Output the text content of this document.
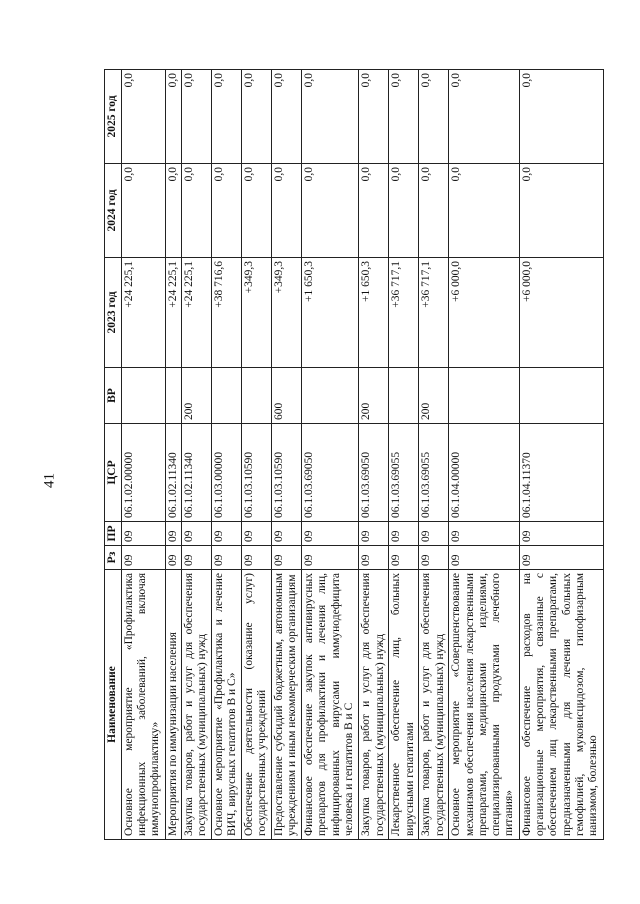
41
Наименование	Рз	ПР	ЦСР	ВР	2023 год	2024 год	2025 год
Основное мероприятие «Профилактика инфекционных заболеваний, включая иммунопрофилактику»	09	09	06.1.02.00000		+24 225,1	0,0	0,0
Мероприятия по иммунизации населения	09	09	06.1.02.11340		+24 225,1	0,0	0,0
Закупка товаров, работ и услуг для обеспечения государственных (муниципальных) нужд	09	09	06.1.02.11340	200	+24 225,1	0,0	0,0
Основное мероприятие «Профилактика и лечение ВИЧ, вирусных гепатитов В и С»	09	09	06.1.03.00000		+38 716,6	0,0	0,0
Обеспечение деятельности (оказание услуг) государственных учреждений	09	09	06.1.03.10590		+349,3	0,0	0,0
Предоставление субсидий бюджетным, автономным учреждениям и иным некоммерческим организациям	09	09	06.1.03.10590	600	+349,3	0,0	0,0
Финансовое обеспечение закупок антивирусных препаратов для профилактики и лечения лиц, инфицированных вирусами иммунодефицита человека и гепатитов В и С	09	09	06.1.03.69050		+1 650,3	0,0	0,0
Закупка товаров, работ и услуг для обеспечения государственных (муниципальных) нужд	09	09	06.1.03.69050	200	+1 650,3	0,0	0,0
Лекарственное обеспечение лиц, больных вирусными гепатитами	09	09	06.1.03.69055		+36 717,1	0,0	0,0
Закупка товаров, работ и услуг для обеспечения государственных (муниципальных) нужд	09	09	06.1.03.69055	200	+36 717,1	0,0	0,0
Основное мероприятие «Совершенствование механизмов обеспечения населения лекарственными препаратами, медицинскими изделиями, специализированными продуктами лечебного питания»	09	09	06.1.04.00000		+6 000,0	0,0	0,0
Финансовое обеспечение расходов на организационные мероприятия, связанные с обеспечением лиц лекарственными препаратами, предназначенными для лечения больных гемофилией, муковисцидозом, гипофизарным нанизмом, болезнью	09	09	06.1.04.11370		+6 000,0	0,0	0,0
